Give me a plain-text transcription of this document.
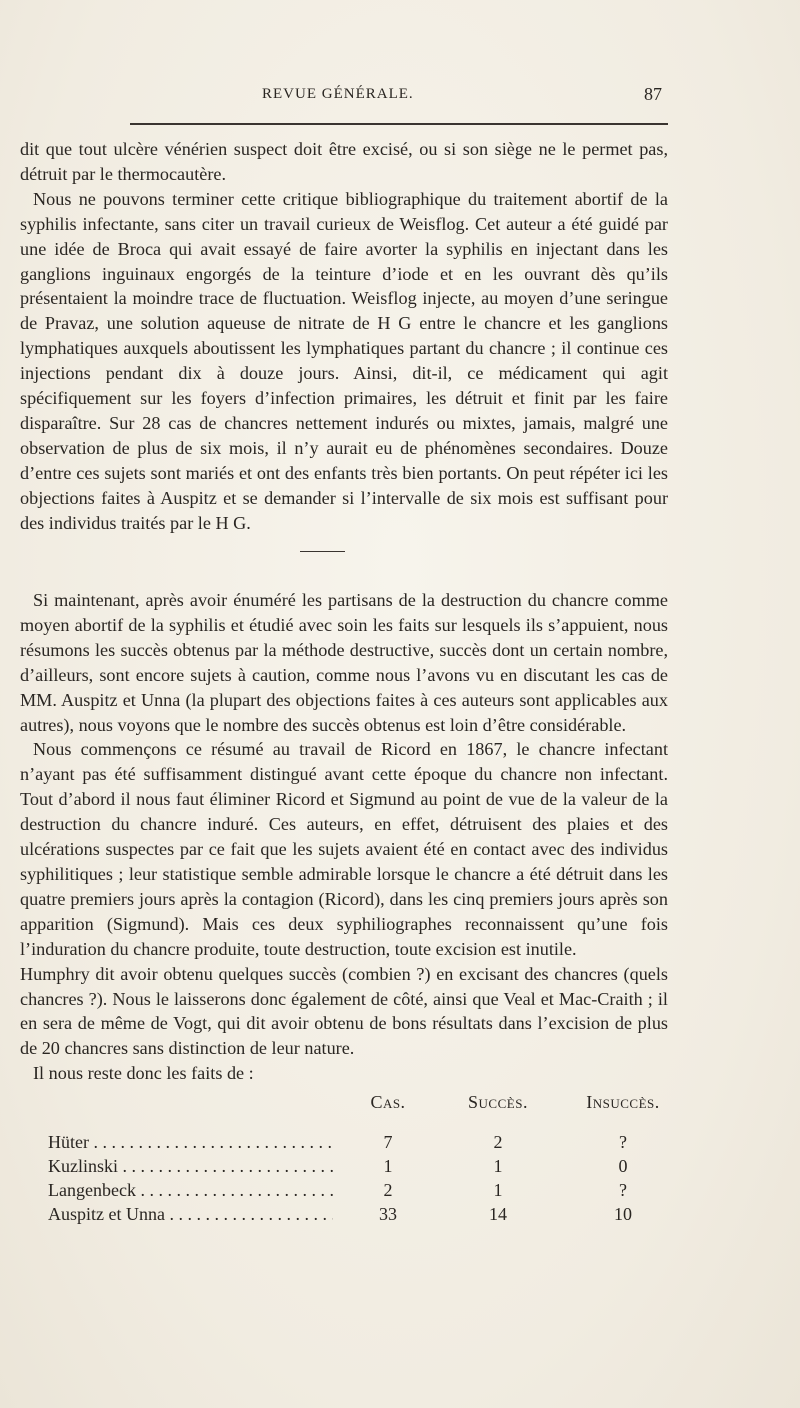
REVUE GÉNÉRALE.	87

dit que tout ulcère vénérien suspect doit être excisé, ou si son siège ne le permet pas, détruit par le thermocautère.

Nous ne pouvons terminer cette critique bibliographique du traitement abortif de la syphilis infectante, sans citer un travail curieux de Weisflog. Cet auteur a été guidé par une idée de Broca qui avait essayé de faire avorter la syphilis en injectant dans les ganglions inguinaux engorgés de la teinture d’iode et en les ouvrant dès qu’ils présentaient la moindre trace de fluctuation. Weisflog injecte, au moyen d’une seringue de Pravaz, une solution aqueuse de nitrate de H G entre le chancre et les ganglions lymphatiques auxquels aboutissent les lymphatiques partant du chancre ; il continue ces injections pendant dix à douze jours. Ainsi, dit-il, ce médicament qui agit spécifiquement sur les foyers d’infection primaires, les détruit et finit par les faire disparaître. Sur 28 cas de chancres nettement indurés ou mixtes, jamais, malgré une observation de plus de six mois, il n’y aurait eu de phénomènes secondaires. Douze d’entre ces sujets sont mariés et ont des enfants très bien portants. On peut répéter ici les objections faites à Auspitz et se demander si l’intervalle de six mois est suffisant pour des individus traités par le H G.

Si maintenant, après avoir énuméré les partisans de la destruction du chancre comme moyen abortif de la syphilis et étudié avec soin les faits sur lesquels ils s’appuient, nous résumons les succès obtenus par la méthode destructive, succès dont un certain nombre, d’ailleurs, sont encore sujets à caution, comme nous l’avons vu en discutant les cas de MM. Auspitz et Unna (la plupart des objections faites à ces auteurs sont applicables aux autres), nous voyons que le nombre des succès obtenus est loin d’être considérable.

Nous commençons ce résumé au travail de Ricord en 1867, le chancre infectant n’ayant pas été suffisamment distingué avant cette époque du chancre non infectant. Tout d’abord il nous faut éliminer Ricord et Sigmund au point de vue de la valeur de la destruction du chancre induré. Ces auteurs, en effet, détruisent des plaies et des ulcérations suspectes par ce fait que les sujets avaient été en contact avec des individus syphilitiques ; leur statistique semble admirable lorsque le chancre a été détruit dans les quatre premiers jours après la contagion (Ricord), dans les cinq premiers jours après son apparition (Sigmund). Mais ces deux syphiliographes reconnaissent qu’une fois l’induration du chancre produite, toute destruction, toute excision est inutile.

Humphry dit avoir obtenu quelques succès (combien ?) en excisant des chancres (quels chancres ?). Nous le laisserons donc également de côté, ainsi que Veal et Mac-Craith ; il en sera de même de Vogt, qui dit avoir obtenu de bons résultats dans l’excision de plus de 20 chancres sans distinction de leur nature.

Il nous reste donc les faits de :

	Cas.	Succès.	Insuccès.

Hüter . . .	7	2	?

Kuzlinski . . .	1	1	0

Langenbeck . . .	2	1	?

Auspitz et Unna . . .	33	14	10
